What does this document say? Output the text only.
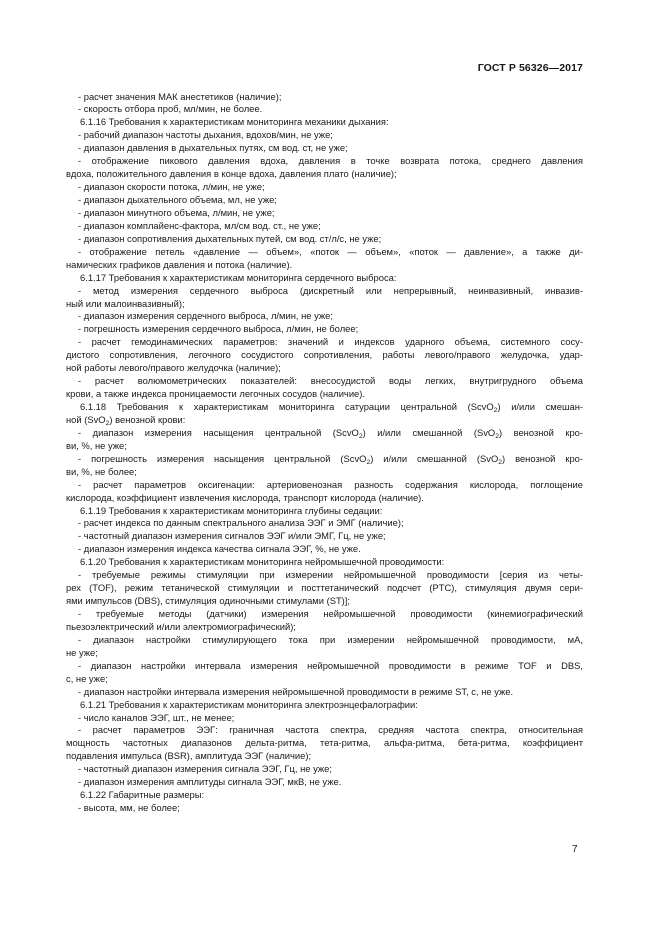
ГОСТ Р 56326—2017
- расчет значения МАК анестетиков (наличие);
- скорость отбора проб, мл/мин, не более.
6.1.16 Требования к характеристикам мониторинга механики дыхания:
- рабочий диапазон частоты дыхания, вдохов/мин, не уже;
- диапазон давления в дыхательных путях, см вод. ст, не уже;
- отображение пикового давления вдоха, давления в точке возврата потока, среднего давления
вдоха, положительного давления в конце вдоха, давления плато (наличие);
- диапазон скорости потока, л/мин, не уже;
- диапазон дыхательного объема, мл, не уже;
- диапазон минутного объема, л/мин, не уже;
- диапазон комплайенс-фактора, мл/см вод. ст., не уже;
- диапазон сопротивления дыхательных путей, см вод. ст/л/с, не уже;
- отображение петель «давление — объем», «поток — объем», «поток — давление», а также ди-
намических графиков давления и потока (наличие).
6.1.17 Требования к характеристикам мониторинга сердечного выброса:
- метод измерения сердечного выброса (дискретный или непрерывный, неинвазивный, инвазив-
ный или малоинвазивный);
- диапазон измерения сердечного выброса, л/мин, не уже;
- погрешность измерения сердечного выброса, л/мин, не более;
- расчет гемодинамических параметров: значений и индексов ударного объема, системного сосу-
дистого сопротивления, легочного сосудистого сопротивления, работы левого/правого желудочка, удар-
ной работы левого/правого желудочка (наличие);
- расчет волюмометрических показателей: внесосудистой воды легких, внутригрудного объема
крови, а также индекса проницаемости легочных сосудов (наличие).
6.1.18 Требования к характеристикам мониторинга сатурации центральной (ScvO$_2$) и/или смешан-
ной (SvO$_2$) венозной крови:
- диапазон измерения насыщения центральной (ScvO$_2$) и/или смешанной (SvO$_2$) венозной кро-
ви, %, не уже;
- погрешность измерения насыщения центральной (ScvO$_2$) и/или смешанной (SvO$_2$) венозной кро-
ви, %, не более;
- расчет параметров оксигенации: артериовенозная разность содержания кислорода, поглощение
кислорода, коэффициент извлечения кислорода, транспорт кислорода (наличие).
6.1.19 Требования к характеристикам мониторинга глубины седации:
- расчет индекса по данным спектрального анализа ЭЭГ и ЭМГ (наличие);
- частотный диапазон измерения сигналов ЭЭГ и/или ЭМГ, Гц, не уже;
- диапазон измерения индекса качества сигнала ЭЭГ, %, не уже.
6.1.20 Требования к характеристикам мониторинга нейромышечной проводимости:
- требуемые режимы стимуляции при измерении нейромышечной проводимости [серия из четы-
рех (TOF), режим тетанической стимуляции и посттетанический подсчет (PTC), стимуляция двумя сери-
ями импульсов (DBS), стимуляция одиночными стимулами (ST)];
- требуемые методы (датчики) измерения нейромышечной проводимости (кинемиографический
пьезоэлектрический и/или электромиографический);
- диапазон настройки стимулирующего тока при измерении нейромышечной проводимости, мА,
не уже;
- диапазон настройки интервала измерения нейромышечной проводимости в режиме TOF и DBS,
с, не уже;
- диапазон настройки интервала измерения нейромышечной проводимости в режиме ST, с, не уже.
6.1.21 Требования к характеристикам мониторинга электроэнцефалографии:
- число каналов ЭЭГ, шт., не менее;
- расчет параметров ЭЭГ: граничная частота спектра, средняя частота спектра, относительная
мощность частотных диапазонов дельта-ритма, тета-ритма, альфа-ритма, бета-ритма, коэффициент
подавления импульса (BSR), амплитуда ЭЭГ (наличие);
- частотный диапазон измерения сигнала ЭЭГ, Гц, не уже;
- диапазон измерения амплитуды сигнала ЭЭГ, мкВ, не уже.
6.1.22 Габаритные размеры:
- высота, мм, не более;
7
